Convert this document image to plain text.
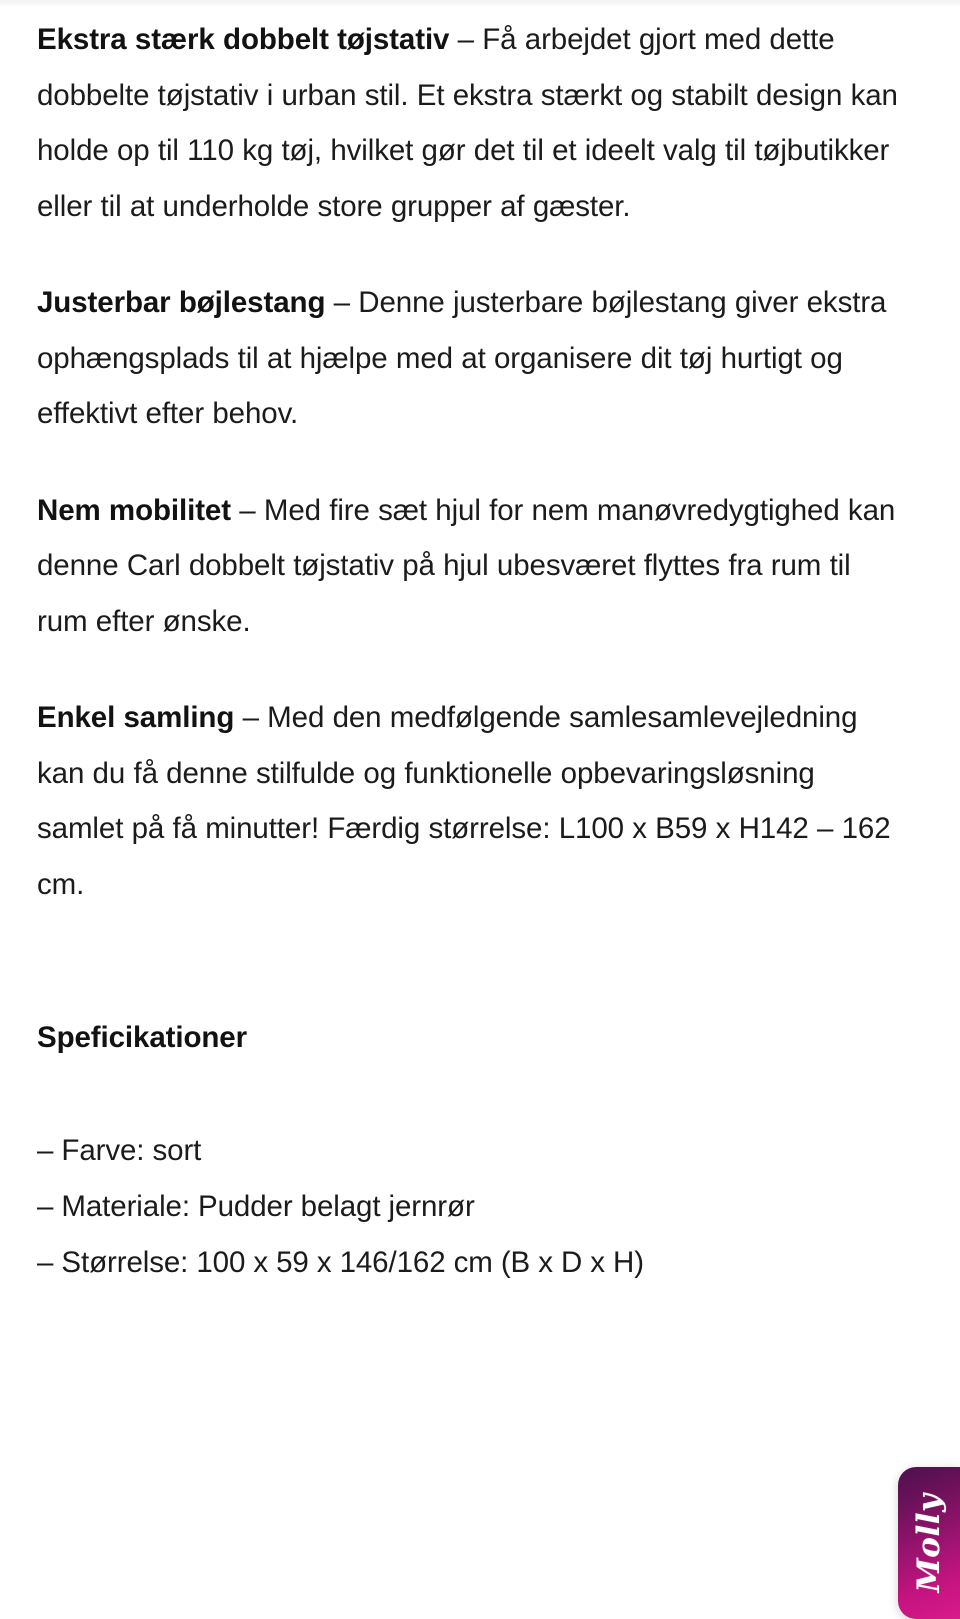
Ekstra stærk dobbelt tøjstativ – Få arbejdet gjort med dette dobbelte tøjstativ i urban stil. Et ekstra stærkt og stabilt design kan holde op til 110 kg tøj, hvilket gør det til et ideelt valg til tøjbutikker eller til at underholde store grupper af gæster.

Justerbar bøjlestang – Denne justerbare bøjlestang giver ekstra ophængsplads til at hjælpe med at organisere dit tøj hurtigt og effektivt efter behov.

Nem mobilitet – Med fire sæt hjul for nem manøvredygtighed kan denne Carl dobbelt tøjstativ på hjul ubesværet flyttes fra rum til rum efter ønske.

Enkel samling – Med den medfølgende samlesamlevejledning kan du få denne stilfulde og funktionelle opbevaringsløsning samlet på få minutter! Færdig størrelse: L100 x B59 x H142 – 162 cm.

Speficikationer
– Farve: sort
– Materiale: Pudder belagt jernrør
– Størrelse: 100 x 59 x 146/162 cm (B x D x H)
Molly
